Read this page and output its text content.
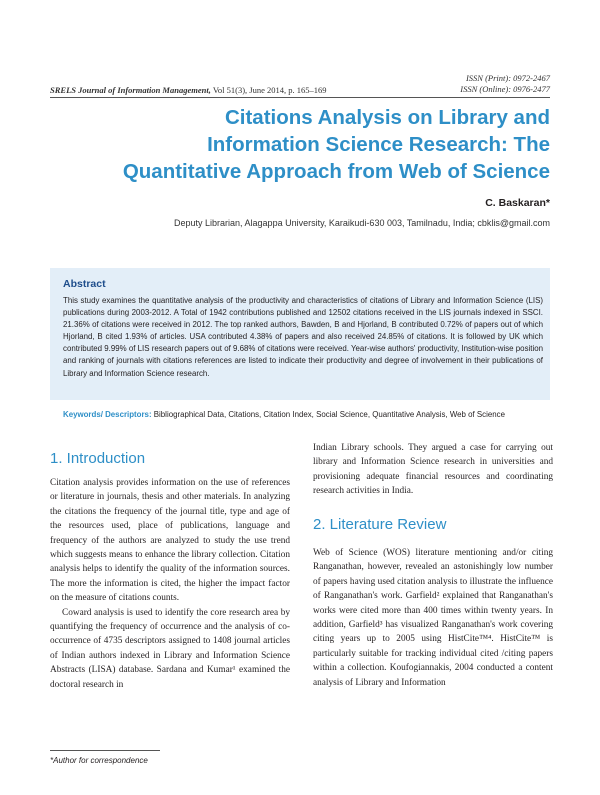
ISSN (Print): 0972-2467
ISSN (Online): 0976-2477
SRELS Journal of Information Management, Vol 51(3), June 2014, p. 165–169
Citations Analysis on Library and Information Science Research: The Quantitative Approach from Web of Science
C. Baskaran*
Deputy Librarian, Alagappa University, Karaikudi-630 003, Tamilnadu, India; cbklis@gmail.com
Abstract
This study examines the quantitative analysis of the productivity and characteristics of citations of Library and Information Science (LIS) publications during 2003-2012. A Total of 1942 contributions published and 12502 citations received in the LIS journals indexed in SSCI. 21.36% of citations were received in 2012. The top ranked authors, Bawden, B and Hjorland, B contributed 0.72% of papers out of which Hjorland, B cited 1.93% of articles. USA contributed 4.38% of papers and also received 24.85% of citations. It is followed by UK which contributed 9.99% of LIS research papers out of 9.68% of citations were received. Year-wise authors' productivity, Institution-wise position and ranking of journals with citations references are listed to indicate their productivity and degree of involvement in their publications of Library and Information Science research.
Keywords/ Descriptors: Bibliographical Data, Citations, Citation Index, Social Science, Quantitative Analysis, Web of Science
1. Introduction

Citation analysis provides information on the use of references or literature in journals, thesis and other materials. In analyzing the citations the frequency of the journal title, type and age of the resources used, place of publications, language and frequency of the authors are analyzed to study the use trend which suggests means to enhance the library collection. Citation analysis helps to identify the quality of the information sources. The more the information is cited, the higher the impact factor on the measure of citations counts.

Coward analysis is used to identify the core research area by quantifying the frequency of occurrence and the analysis of co-occurrence of 4735 descriptors assigned to 1408 journal articles of Indian authors indexed in Library and Information Science Abstracts (LISA) database. Sardana and Kumar¹ examined the doctoral research in

Indian Library schools. They argued a case for carrying out library and Information Science research in universities and provisioning adequate financial resources and coordinating research activities in India.

2. Literature Review

Web of Science (WOS) literature mentioning and/or citing Ranganathan, however, revealed an astonishingly low number of papers having used citation analysis to illustrate the influence of Ranganathan's work. Garfield² explained that Ranganathan's works were cited more than 400 times within twenty years. In addition, Garfield³ has visualized Ranganathan's work covering citing years up to 2005 using HistCite™⁴. HistCite™ is particularly suitable for tracking individual cited /citing papers within a collection. Koufogiannakis, 2004 conducted a content analysis of Library and Information

*Author for correspondence
